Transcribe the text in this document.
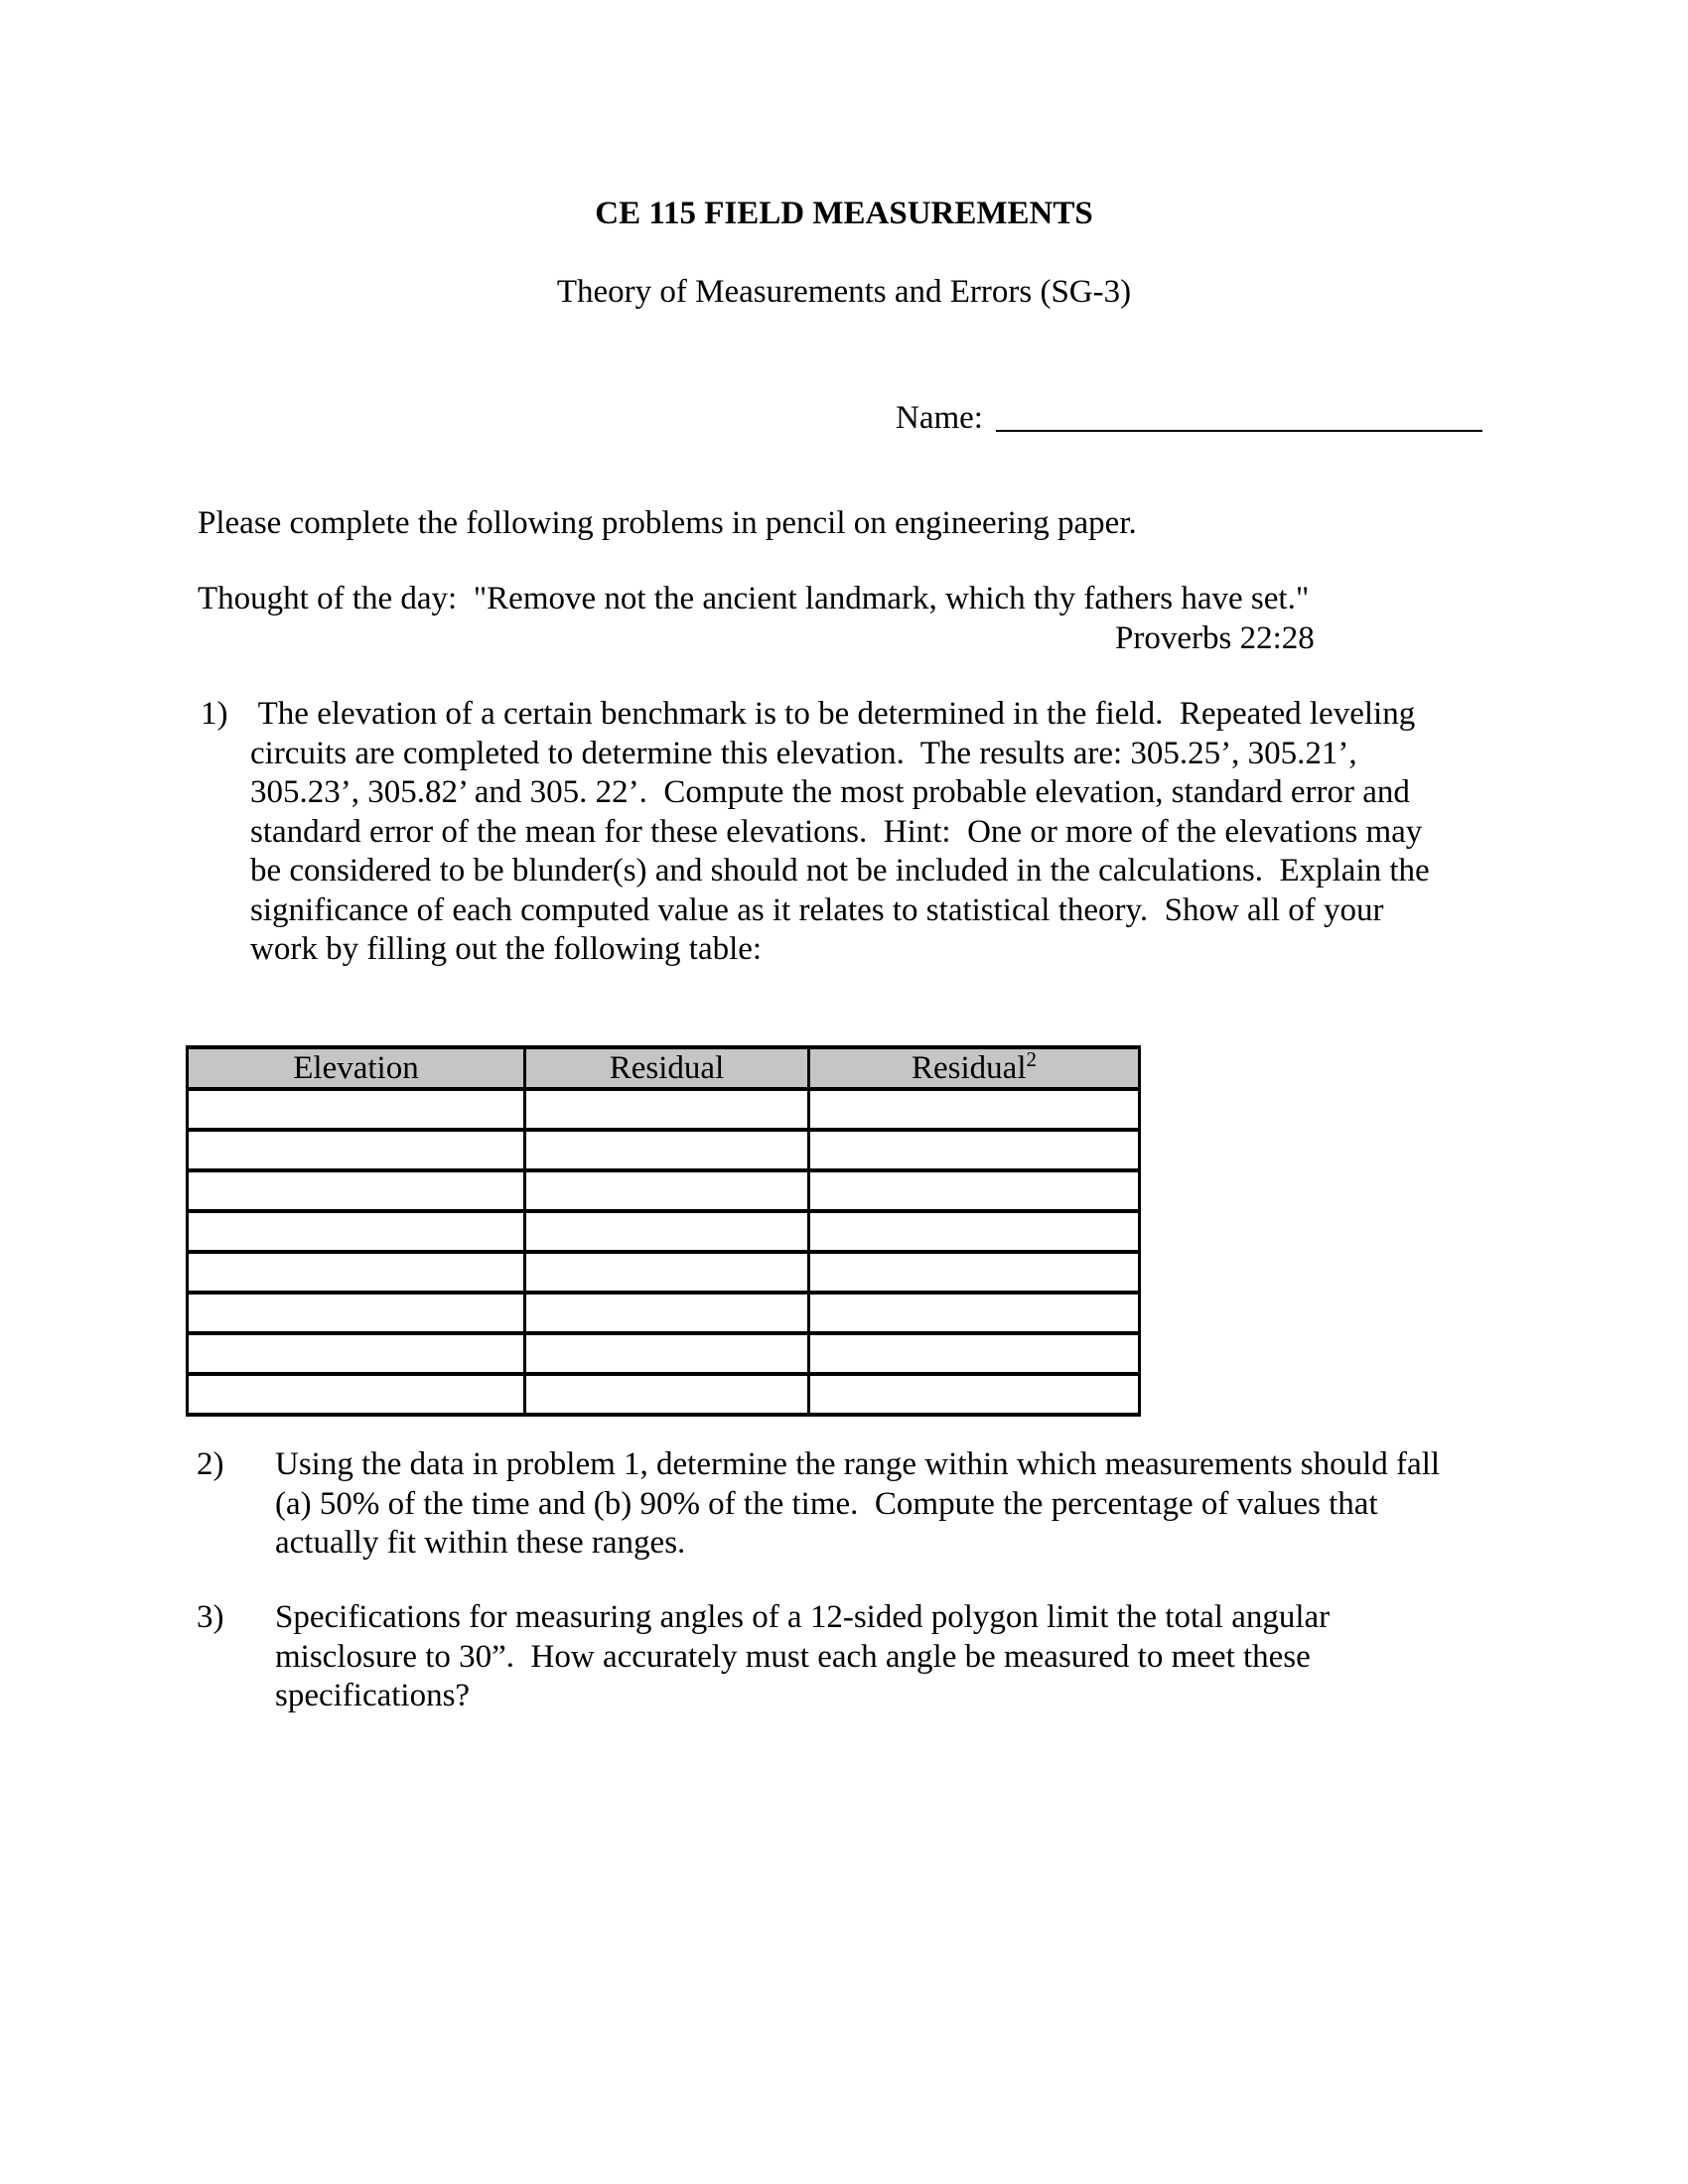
CE 115 FIELD MEASUREMENTS
Theory of Measurements and Errors (SG-3)
Name:
Please complete the following problems in pencil on engineering paper.
Thought of the day:  "Remove not the ancient landmark, which thy fathers have set."
Proverbs 22:28
1) The elevation of a certain benchmark is to be determined in the field.  Repeated leveling
circuits are completed to determine this elevation.  The results are: 305.25’, 305.21’,
305.23’, 305.82’ and 305. 22’.  Compute the most probable elevation, standard error and
standard error of the mean for these elevations.  Hint:  One or more of the elevations may
be considered to be blunder(s) and should not be included in the calculations.  Explain the
significance of each computed value as it relates to statistical theory.  Show all of your
work by filling out the following table:
Elevation	Residual	Residual$^2$

2) Using the data in problem 1, determine the range within which measurements should fall
(a) 50% of the time and (b) 90% of the time.  Compute the percentage of values that
actually fit within these ranges.
3) Specifications for measuring angles of a 12-sided polygon limit the total angular
misclosure to 30”.  How accurately must each angle be measured to meet these
specifications?
